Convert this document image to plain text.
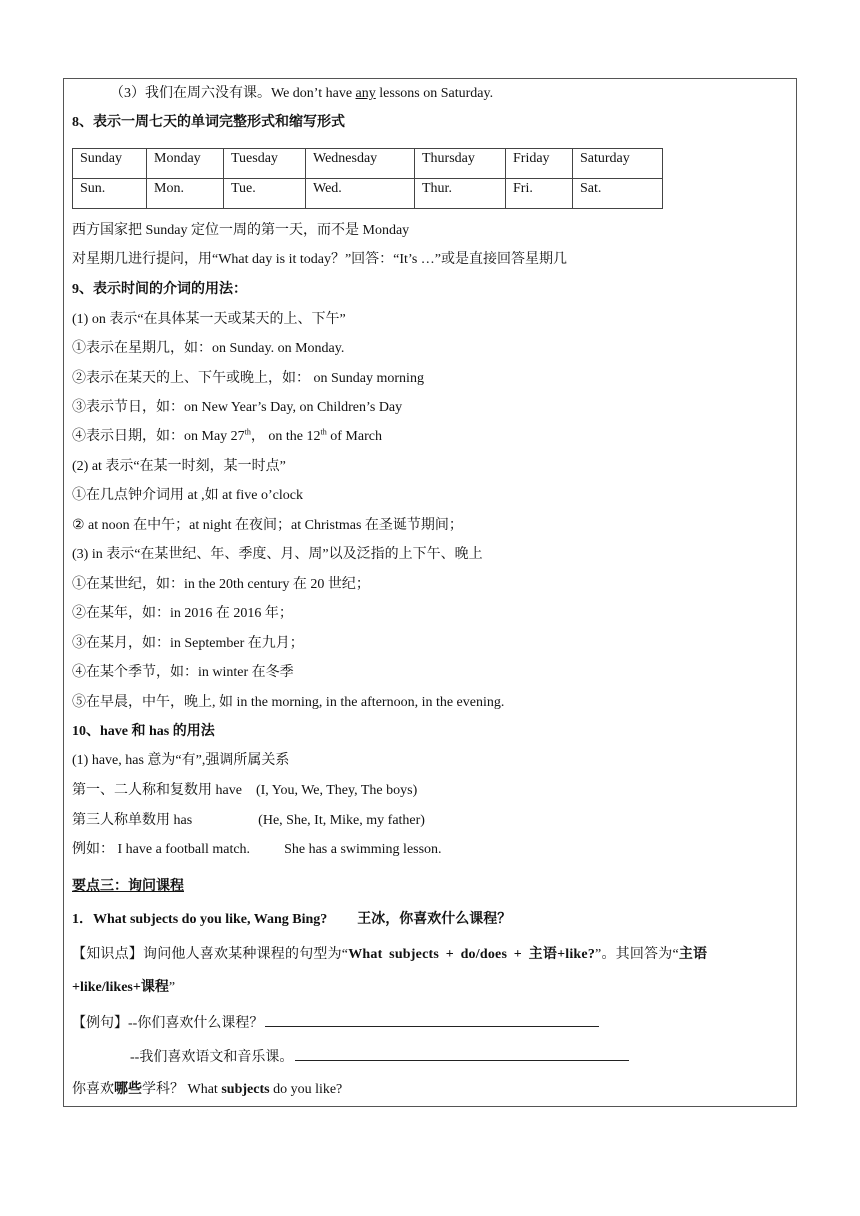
（3）我们在周六没有课。We don’t have any lessons on Saturday.
8、表示一周七天的单词完整形式和缩写形式
Sunday	Monday	Tuesday	Wednesday	Thursday	Friday	Saturday
Sun.	Mon.	Tue.	Wed.	Thur.	Fri.	Sat.
西方国家把 Sunday 定位一周的第一天，而不是 Monday
对星期几进行提问，用“What day is it today？”回答：“It’s …”或是直接回答星期几
9、表示时间的介词的用法：
(1) on 表示“在具体某一天或某天的上、下午”
①表示在星期几，如：on Sunday. on Monday.
②表示在某天的上、下午或晚上，如： on Sunday morning
③表示节日，如：on New Year’s Day, on Children’s Day
④表示日期，如：on May 27th， on the 12th of March
(2) at 表示“在某一时刻，某一时点”
①在几点钟介词用 at ,如 at five o’clock
② at noon 在中午；at night 在夜间；at Christmas 在圣诞节期间；
(3) in 表示“在某世纪、年、季度、月、周”以及泛指的上下午、晚上
①在某世纪，如：in the 20th century 在 20 世纪；
②在某年，如：in 2016 在 2016 年；
③在某月，如：in September 在九月；
④在某个季节，如：in winter 在冬季
⑤在早晨，中午，晚上, 如 in the morning, in the afternoon, in the evening.
10、have 和 has 的用法
(1) have, has 意为“有”,强调所属关系
第一、二人称和复数用 have (I, You, We, They, The boys)
第三人称单数用 has	(He, She, It, Mike, my father)
例如： I have a football match. She has a swimming lesson.
要点三：询问课程
1．What subjects do you like, Wang Bing? 王冰，你喜欢什么课程？
【知识点】询问他人喜欢某种课程的句型为“What subjects + do/does + 主语+like?”。其回答为“主语
+like/likes+课程”
【例句】--你们喜欢什么课程？
--我们喜欢语文和音乐课。
你喜欢哪些学科？ What subjects do you like?
